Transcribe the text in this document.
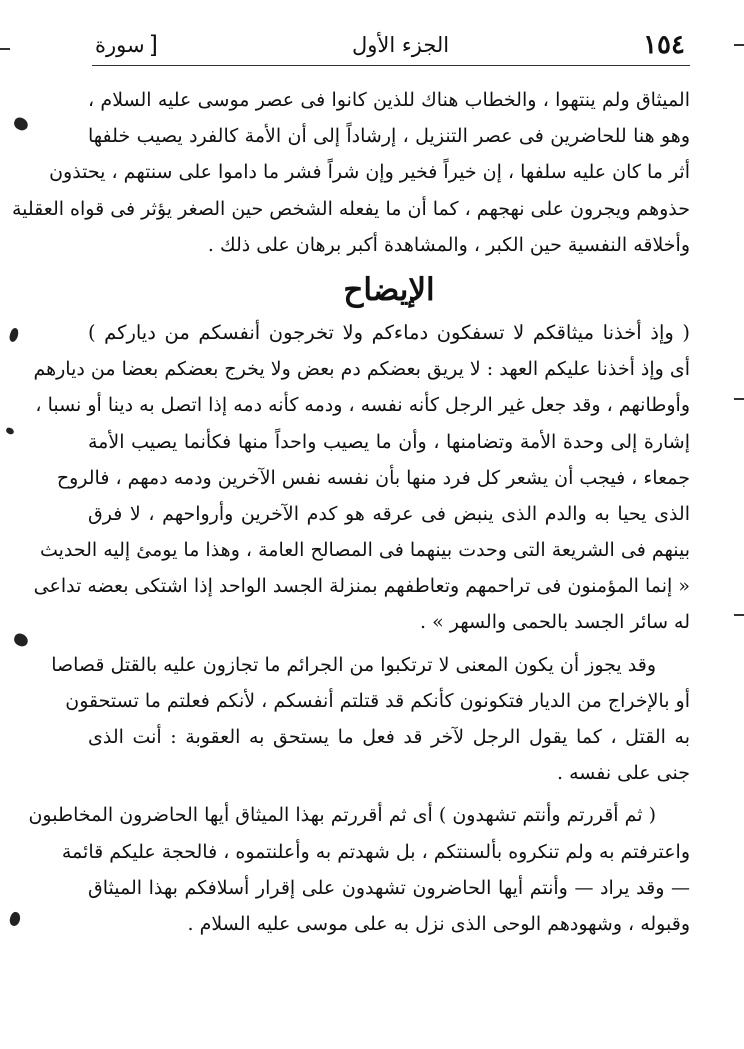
١٥٤
الجزء الأول
[
سورة
الميثاق ولم ينتهوا ، والخطاب هناك للذين كانوا فى عصر موسى عليه السلام ،
وهو هنا للحاضرين فى عصر التنزيل ، إرشاداً إلى أن الأمة كالفرد يصيب خلفها
أثر ما كان عليه سلفها ، إن خيراً فخير وإن شراً فشر ما داموا على سنتهم ، يحتذون
حذوهم ويجرون على نهجهم ، كما أن ما يفعله الشخص حين الصغر يؤثر فى قواه العقلية
وأخلاقه النفسية حين الكبر ، والمشاهدة أكبر برهان على ذلك .
الإيضاح
( وإذ أخذنا ميثاقكم لا تسفكون دماءكم ولا تخرجون أنفسكم من دياركم )
أى وإذ أخذنا عليكم العهد : لا يريق بعضكم دم بعض ولا يخرج بعضكم بعضا من ديارهم
وأوطانهم ، وقد جعل غير الرجل كأنه نفسه ، ودمه كأنه دمه إذا اتصل به دينا أو نسبا ،
إشارة إلى وحدة الأمة وتضامنها ، وأن ما يصيب واحداً منها فكأنما يصيب الأمة
جمعاء ، فيجب أن يشعر كل فرد منها بأن نفسه نفس الآخرين ودمه دمهم ، فالروح
الذى يحيا به والدم الذى ينبض فى عرقه هو كدم الآخرين وأرواحهم ، لا فرق
بينهم فى الشريعة التى وحدت بينهما فى المصالح العامة ، وهذا ما يومئ إليه الحديث
« إنما المؤمنون فى تراحمهم وتعاطفهم بمنزلة الجسد الواحد إذا اشتكى بعضه تداعى
له سائر الجسد بالحمى والسهر » .
وقد يجوز أن يكون المعنى لا ترتكبوا من الجرائم ما تجازون عليه بالقتل قصاصا
أو بالإخراج من الديار فتكونون كأنكم قد قتلتم أنفسكم ، لأنكم فعلتم ما تستحقون
به القتل ، كما يقول الرجل لآخر قد فعل ما يستحق به العقوبة : أنت الذى
جنى على نفسه .
( ثم أقررتم وأنتم تشهدون ) أى ثم أقررتم بهذا الميثاق أيها الحاضرون المخاطبون
واعترفتم به ولم تنكروه بألسنتكم ، بل شهدتم به وأعلنتموه ، فالحجة عليكم قائمة
— وقد يراد — وأنتم أيها الحاضرون تشهدون على إقرار أسلافكم بهذا الميثاق
وقبوله ، وشهودهم الوحى الذى نزل به على موسى عليه السلام .
